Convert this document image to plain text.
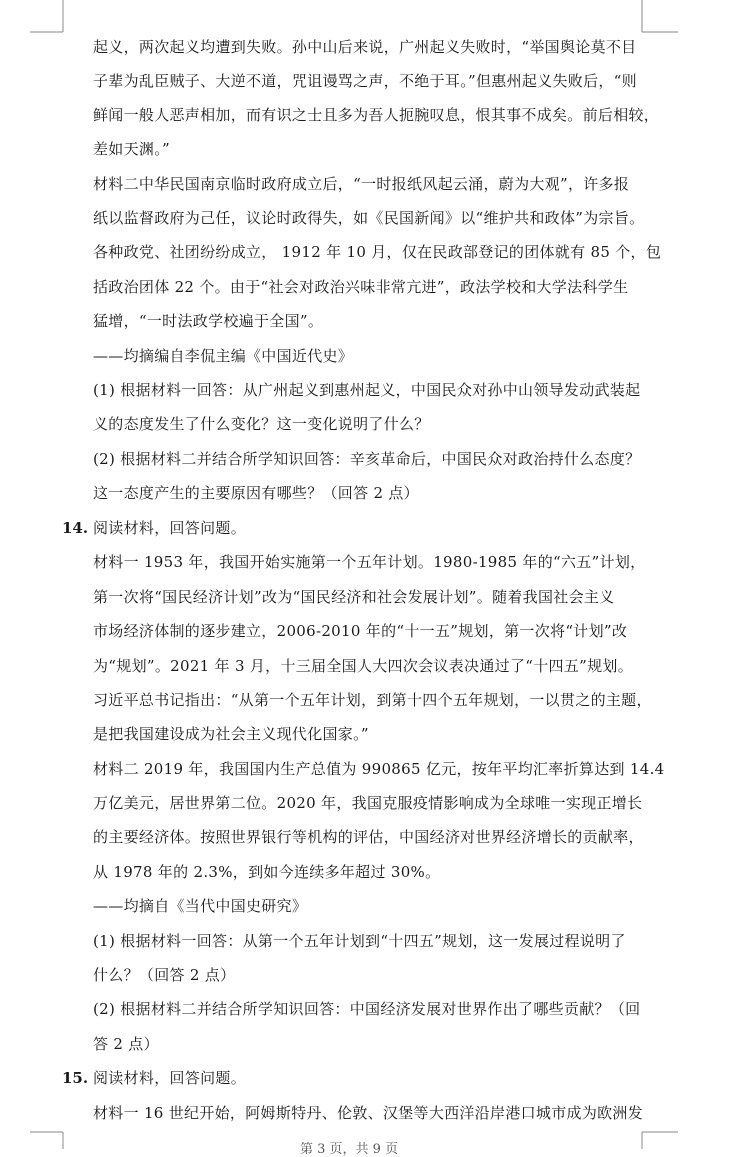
起义，两次起义均遭到失败。孙中山后来说，广州起义失败时，“举国舆论莫不目
子辈为乱臣贼子、大逆不道，咒诅谩骂之声，不绝于耳。”但惠州起义失败后，“则
鲜闻一般人恶声相加，而有识之士且多为吾人扼腕叹息，恨其事不成矣。前后相较，
差如天渊。”
材料二中华民国南京临时政府成立后，“一时报纸风起云涌，蔚为大观”，许多报
纸以监督政府为己任，议论时政得失，如《民国新闻》以“维护共和政体”为宗旨。
各种政党、社团纷纷成立， 1912 年 10 月，仅在民政部登记的团体就有 85 个，包
括政治团体 22 个。由于“社会对政治兴味非常亢进”，政法学校和大学法科学生
猛增，“一时法政学校遍于全国”。
——均摘编自李侃主编《中国近代史》
(1) 根据材料一回答：从广州起义到惠州起义，中国民众对孙中山领导发动武装起
义的态度发生了什么变化？这一变化说明了什么？
(2) 根据材料二并结合所学知识回答：辛亥革命后，中国民众对政治持什么态度？
这一态度产生的主要原因有哪些？（回答 2 点）
14. 阅读材料，回答问题。
材料一 1953 年，我国开始实施第一个五年计划。1980-1985 年的“六五”计划，
第一次将“国民经济计划”改为“国民经济和社会发展计划”。随着我国社会主义
市场经济体制的逐步建立，2006-2010 年的“十一五”规划，第一次将“计划”改
为“规划”。2021 年 3 月，十三届全国人大四次会议表决通过了“十四五”规划。
习近平总书记指出：“从第一个五年计划，到第十四个五年规划，一以贯之的主题，
是把我国建设成为社会主义现代化国家。”
材料二 2019 年，我国国内生产总值为 990865 亿元，按年平均汇率折算达到 14.4
万亿美元，居世界第二位。2020 年，我国克服疫情影响成为全球唯一实现正增长
的主要经济体。按照世界银行等机构的评估，中国经济对世界经济增长的贡献率，
从 1978 年的 2.3%，到如今连续多年超过 30%。
——均摘自《当代中国史研究》
(1) 根据材料一回答：从第一个五年计划到“十四五”规划，这一发展过程说明了
什么？（回答 2 点）
(2) 根据材料二并结合所学知识回答：中国经济发展对世界作出了哪些贡献？（回
答 2 点）
15. 阅读材料，回答问题。
材料一 16 世纪开始，阿姆斯特丹、伦敦、汉堡等大西洋沿岸港口城市成为欧洲发
第 3 页，共 9 页
